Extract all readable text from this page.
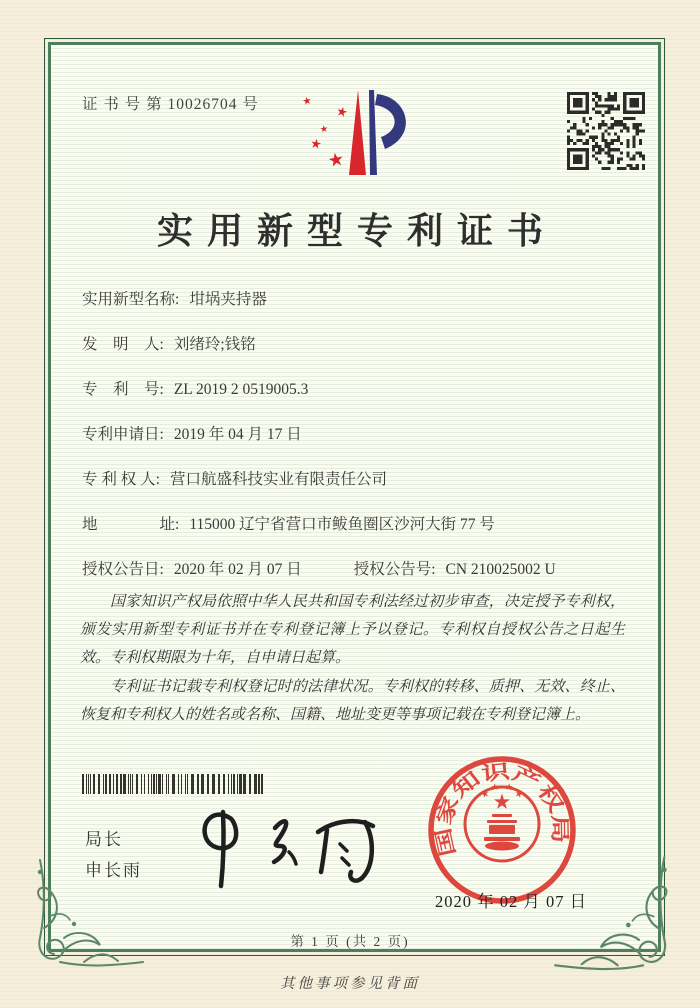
证 书 号 第 10026704 号
实用新型专利证书
实用新型名称: 坩埚夹持器
发　明　人: 刘绪玲;钱铭
专　利　号: ZL 2019 2 0519005.3
专利申请日: 2019 年 04 月 17 日
专 利 权 人: 营口航盛科技实业有限责任公司
地　　　　址: 115000 辽宁省营口市鲅鱼圈区沙河大街 77 号
授权公告日: 2020 年 02 月 07 日	授权公告号: CN 210025002 U

国家知识产权局依照中华人民共和国专利法经过初步审查，决定授予专利权，颁发实用新型专利证书并在专利登记簿上予以登记。专利权自授权公告之日起生效。专利权期限为十年，自申请日起算。

专利证书记载专利权登记时的法律状况。专利权的转移、质押、无效、终止、恢复和专利权人的姓名或名称、国籍、地址变更等事项记载在专利登记簿上。

局长
申长雨
国家知识产权局
2020 年 02 月 07 日
第 1 页 (共 2 页)
其他事项参见背面
